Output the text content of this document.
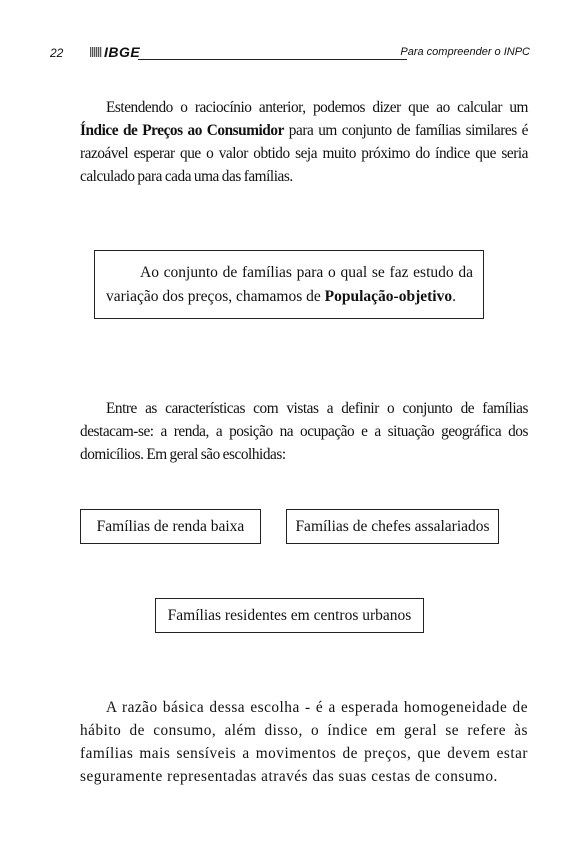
22	IBGE	Para compreender o INPC

Estendendo o raciocínio anterior, podemos dizer que ao calcular um Índice de Preços ao Consumidor para um conjunto de famílias similares é razoável esperar que o valor obtido seja muito próximo do índice que seria calculado para cada uma das famílias.

Ao conjunto de famílias para o qual se faz estudo da variação dos preços, chamamos de População-objetivo.

Entre as características com vistas a definir o conjunto de famílias destacam-se: a renda, a posição na ocupação e a situação geográfica dos domicílios. Em geral são escolhidas:

Famílias de renda baixa	Famílias de chefes assalariados
Famílias residentes em centros urbanos

A razão básica dessa escolha - é a esperada homogeneidade de hábito de consumo, além disso, o índice em geral se refere às famílias mais sensíveis a movimentos de preços, que devem estar seguramente representadas através das suas cestas de consumo.
